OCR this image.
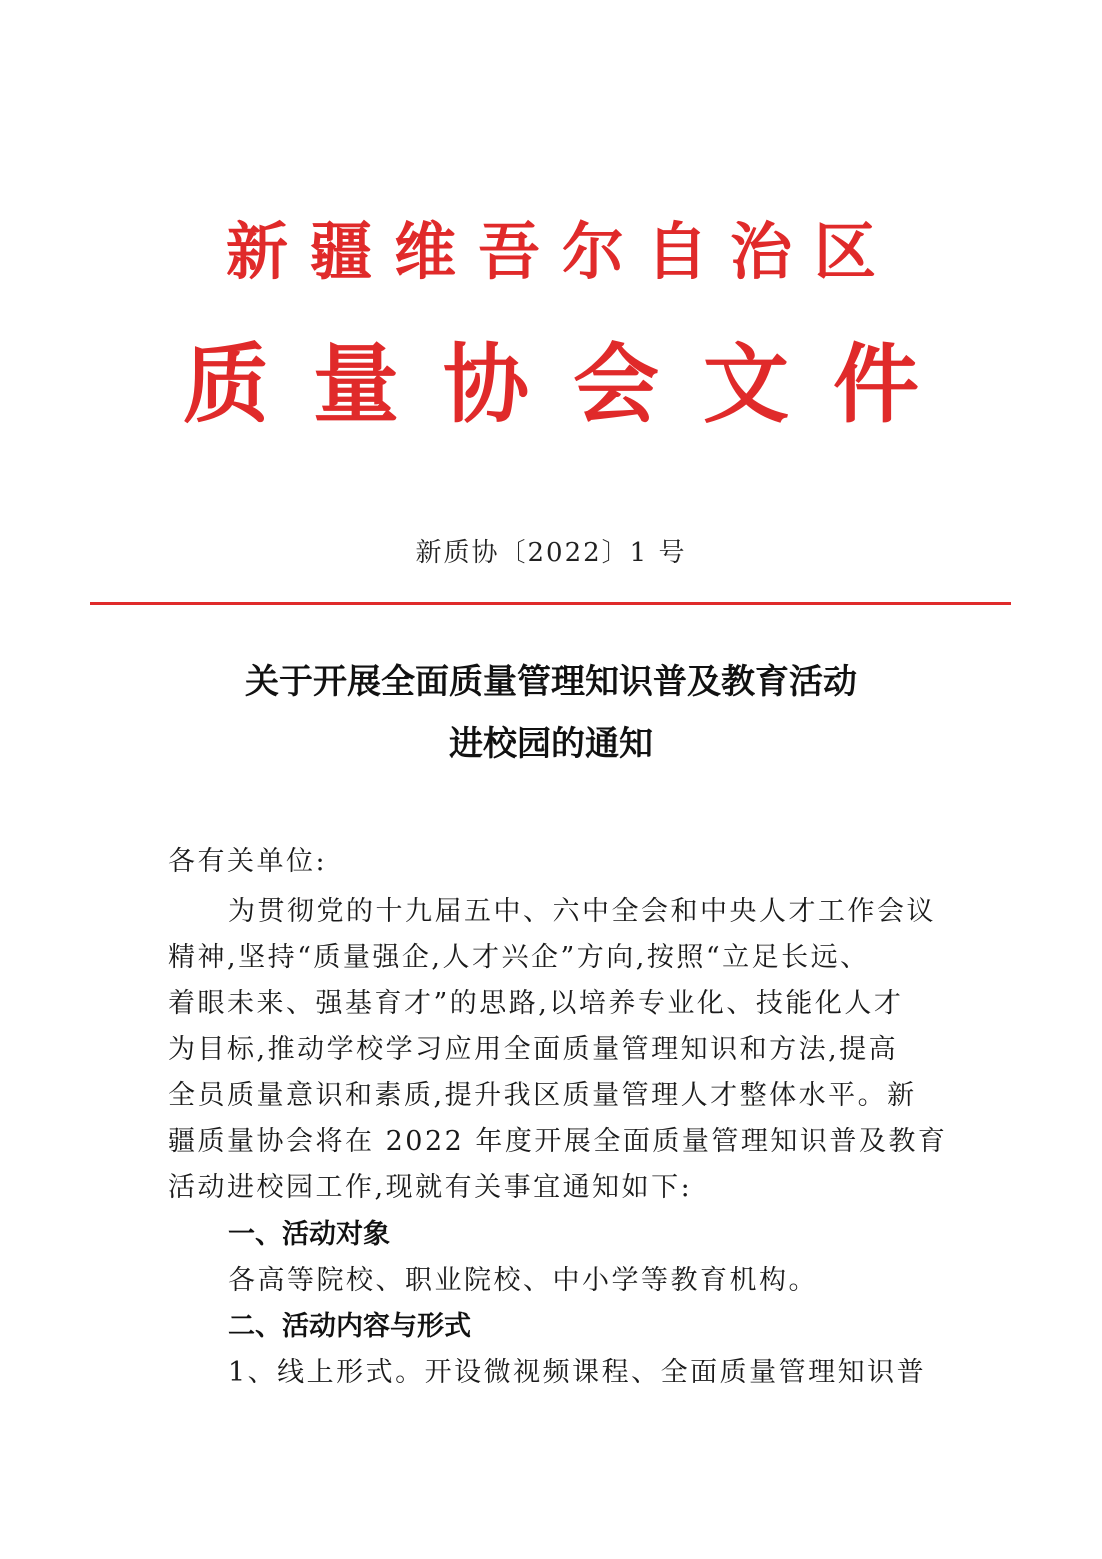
新疆维吾尔自治区
质量协会文件
新质协〔2022〕1 号
关于开展全面质量管理知识普及教育活动
进校园的通知
各有关单位:
为贯彻党的十九届五中、六中全会和中央人才工作会议
精神,坚持“质量强企,人才兴企”方向,按照“立足长远、
着眼未来、强基育才”的思路,以培养专业化、技能化人才
为目标,推动学校学习应用全面质量管理知识和方法,提高
全员质量意识和素质,提升我区质量管理人才整体水平。新
疆质量协会将在 2022 年度开展全面质量管理知识普及教育
活动进校园工作,现就有关事宜通知如下:
一、活动对象
各高等院校、职业院校、中小学等教育机构。
二、活动内容与形式
1、线上形式。开设微视频课程、全面质量管理知识普
